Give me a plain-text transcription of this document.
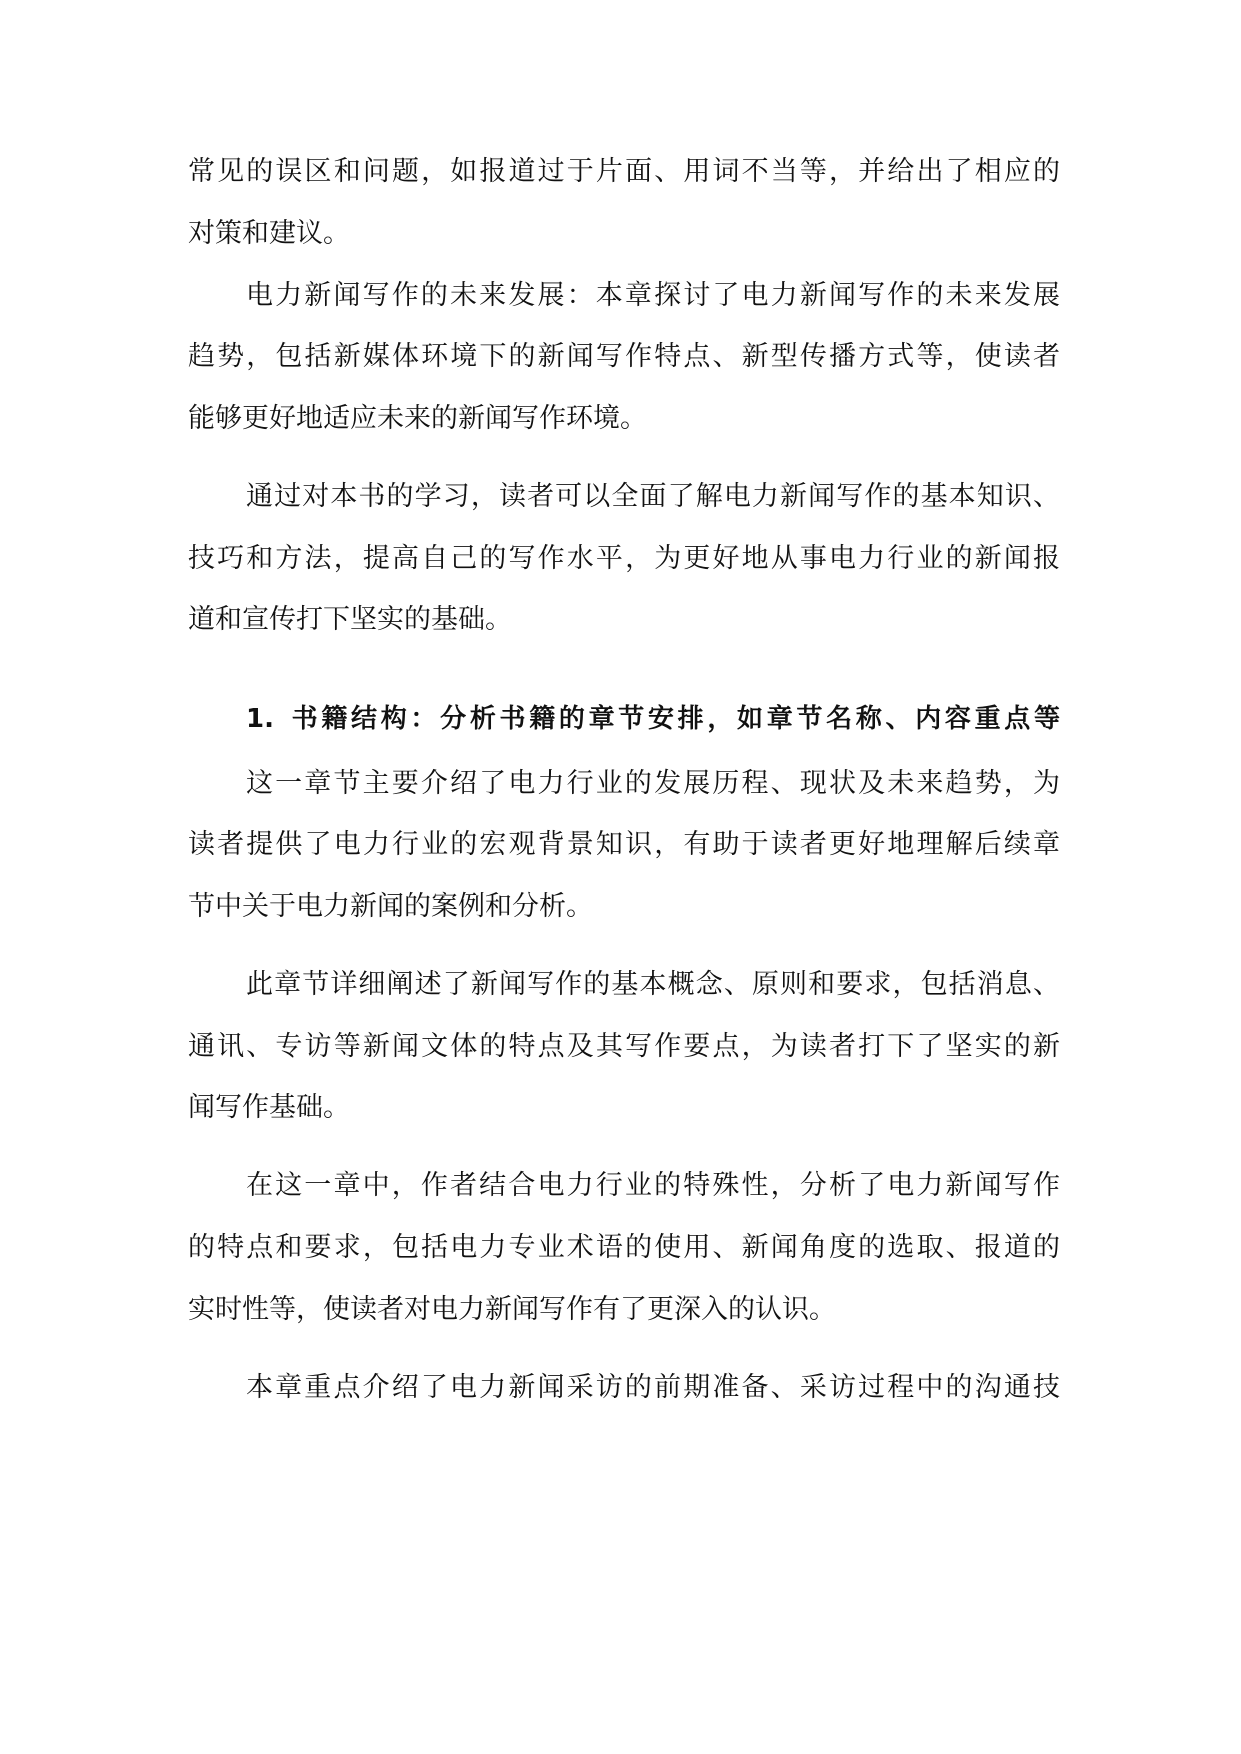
常见的误区和问题，如报道过于片面、用词不当等，并给出了相应的
对策和建议。
电力新闻写作的未来发展：本章探讨了电力新闻写作的未来发展
趋势，包括新媒体环境下的新闻写作特点、新型传播方式等，使读者
能够更好地适应未来的新闻写作环境。
通过对本书的学习，读者可以全面了解电力新闻写作的基本知识、
技巧和方法，提高自己的写作水平，为更好地从事电力行业的新闻报
道和宣传打下坚实的基础。
1. 书籍结构：分析书籍的章节安排，如章节名称、内容重点等
这一章节主要介绍了电力行业的发展历程、现状及未来趋势，为
读者提供了电力行业的宏观背景知识，有助于读者更好地理解后续章
节中关于电力新闻的案例和分析。
此章节详细阐述了新闻写作的基本概念、原则和要求，包括消息、
通讯、专访等新闻文体的特点及其写作要点，为读者打下了坚实的新
闻写作基础。
在这一章中，作者结合电力行业的特殊性，分析了电力新闻写作
的特点和要求，包括电力专业术语的使用、新闻角度的选取、报道的
实时性等，使读者对电力新闻写作有了更深入的认识。
本章重点介绍了电力新闻采访的前期准备、采访过程中的沟通技
